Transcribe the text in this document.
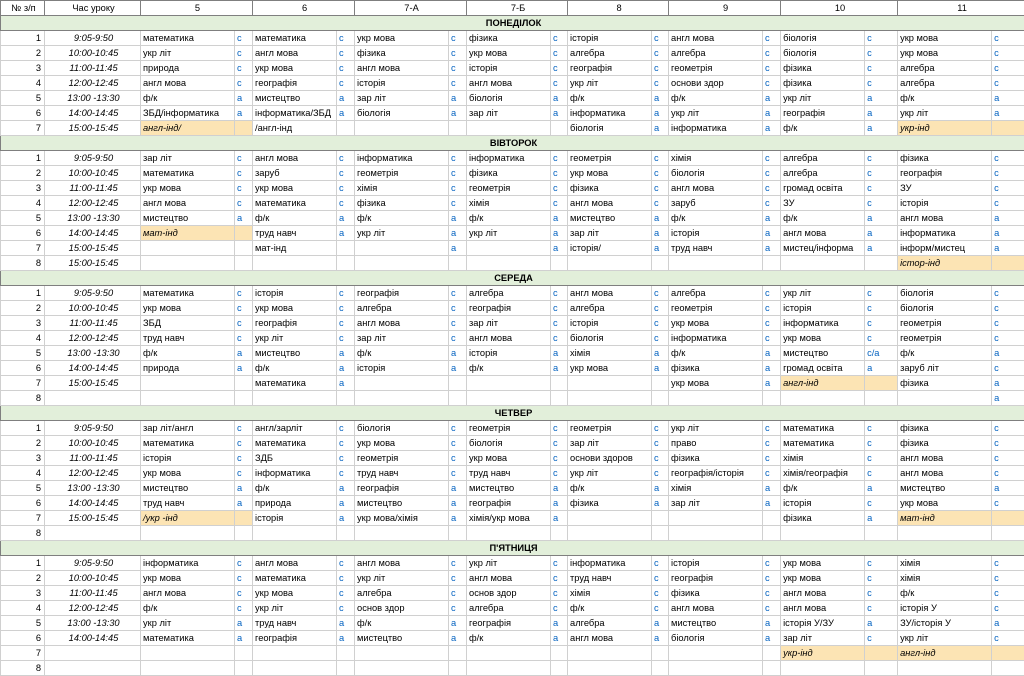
№ з/п	Час уроку	5		6		7-А		7-Б		8		9		10		11	
ПОНЕДІЛОК																	
1	9:05-9:50	математика	с	математика	с	укр мова	с	фізика	с	історія	с	англ мова	с	біологія	с	укр мова	с
2	10:00-10:45	укр літ	с	англ мова	с	фізика	с	укр мова	с	алгебра	с	алгебра	с	біологія	с	укр мова	с
3	11:00-11:45	природа	с	укр мова	с	англ мова	с	історія	с	географія	с	геометрія	с	фізика	с	алгебра	с
4	12:00-12:45	англ мова	с	географія	с	історія	с	англ мова	с	укр літ	с	основи здор	с	фізика	с	алгебра	с
5	13:00 -13:30	ф/к	а	мистецтво	а	зар літ	а	біологія	а	ф/к	а	ф/к	а	укр літ	а	ф/к	а
6	14:00-14:45	ЗБД/інформатика	а	інформатика/ЗБД	а	біологія	а	зар літ	а	інформатика	а	укр літ	а	географія	а	укр літ	а
7	15:00-15:45	англ-інд/		/англ-інд						біологія	а	інформатика	а	ф/к	а	укр-інд	
ВІВТОРОК																	
1	9:05-9:50	зар літ	с	англ мова	с	інформатика	с	інформатика	с	геометрія	с	хімія	с	алгебра	с	фізика	с
2	10:00-10:45	математика	с	заруб	с	геометрія	с	фізика	с	укр мова	с	біологія	с	алгебра	с	географія	с
3	11:00-11:45	укр мова	с	укр мова	с	хімія	с	геометрія	с	фізика	с	англ мова	с	громад освіта	с	ЗУ	с
4	12:00-12:45	англ мова	с	математика	с	фізика	с	хімія	с	англ мова	с	заруб	с	ЗУ	с	історія	с
5	13:00 -13:30	мистецтво	а	ф/к	а	ф/к	а	ф/к	а	мистецтво	а	ф/к	а	ф/к	а	англ мова	а
6	14:00-14:45	мат-інд		труд навч	а	укр літ	а	укр літ	а	зар літ	а	історія	а	англ мова	а	інформатика	а
7	15:00-15:45			мат-інд			а		а	історія/	а	труд навч	а	мистец/інформа	а	інформ/мистец	а
8	15:00-15:45															істор-інд	
СЕРЕДА																	
1	9:05-9:50	математика	с	історія	с	географія	с	алгебра	с	англ мова	с	алгебра	с	укр літ	с	біологія	с
2	10:00-10:45	укр мова	с	укр мова	с	алгебра	с	географія	с	алгебра	с	геометрія	с	історія	с	біологія	с
3	11:00-11:45	ЗБД	с	географія	с	англ мова	с	зар літ	с	історія	с	укр мова	с	інформатика	с	геометрія	с
4	12:00-12:45	труд навч	с	укр літ	с	зар літ	с	англ мова	с	біологія	с	інформатика	с	укр мова	с	геометрія	с
5	13:00 -13:30	ф/к	а	мистецтво	а	ф/к	а	історія	а	хімія	а	ф/к	а	мистецтво	с/а	ф/к	а
6	14:00-14:45	природа	а	ф/к	а	історія	а	ф/к	а	укр мова	а	фізика	а	громад освіта	а	заруб літ	с
7	15:00-15:45			математика	а							укр мова	а	англ-інд		фізика	а
8																	а
ЧЕТВЕР																	
1	9:05-9:50	зар літ/англ	с	англ/зарліт	с	біологія	с	геометрія	с	геометрія	с	укр літ	с	математика	с	фізика	с
2	10:00-10:45	математика	с	математика	с	укр мова	с	біологія	с	зар літ	с	право	с	математика	с	фізика	с
3	11:00-11:45	історія	с	ЗДБ	с	геометрія	с	укр мова	с	основи здоров	с	фізика	с	хімія	с	англ мова	с
4	12:00-12:45	укр мова	с	інформатика	с	труд навч	с	труд навч	с	укр літ	с	географія/історія	с	хімія/географія	с	англ мова	с
5	13:00 -13:30	мистецтво	а	ф/к	а	географія	а	мистецтво	а	ф/к	а	хімія	а	ф/к	а	мистецтво	а
6	14:00-14:45	труд навч	а	природа	а	мистецтво	а	географія	а	фізика	а	зар літ	а	історія	с	укр мова	с
7	15:00-15:45	/укр -інд		історія	а	укр мова/хімія	а	хімія/укр мова	а					фізика	а	мат-інд	
8																	
П'ЯТНИЦЯ																	
1	9:05-9:50	інформатика	с	англ мова	с	англ мова	с	укр літ	с	інформатика	с	історія	с	укр мова	с	хімія	с
2	10:00-10:45	укр мова	с	математика	с	укр літ	с	англ мова	с	труд навч	с	географія	с	укр мова	с	хімія	с
3	11:00-11:45	англ мова	с	укр мова	с	алгебра	с	основ здор	с	хімія	с	фізика	с	англ мова	с	ф/к	с
4	12:00-12:45	ф/к	с	укр літ	с	основ здор	с	алгебра	с	ф/к	с	англ мова	с	англ мова	с	історія У	с
5	13:00 -13:30	укр літ	а	труд навч	а	ф/к	а	географія	а	алгебра	а	мистецтво	а	історія У/ЗУ	а	ЗУ/історія У	а
6	14:00-14:45	математика	а	географія	а	мистецтво	а	ф/к	а	англ мова	а	біологія	а	зар літ	с	укр літ	с
7														укр-інд		англ-інд	
8																	
